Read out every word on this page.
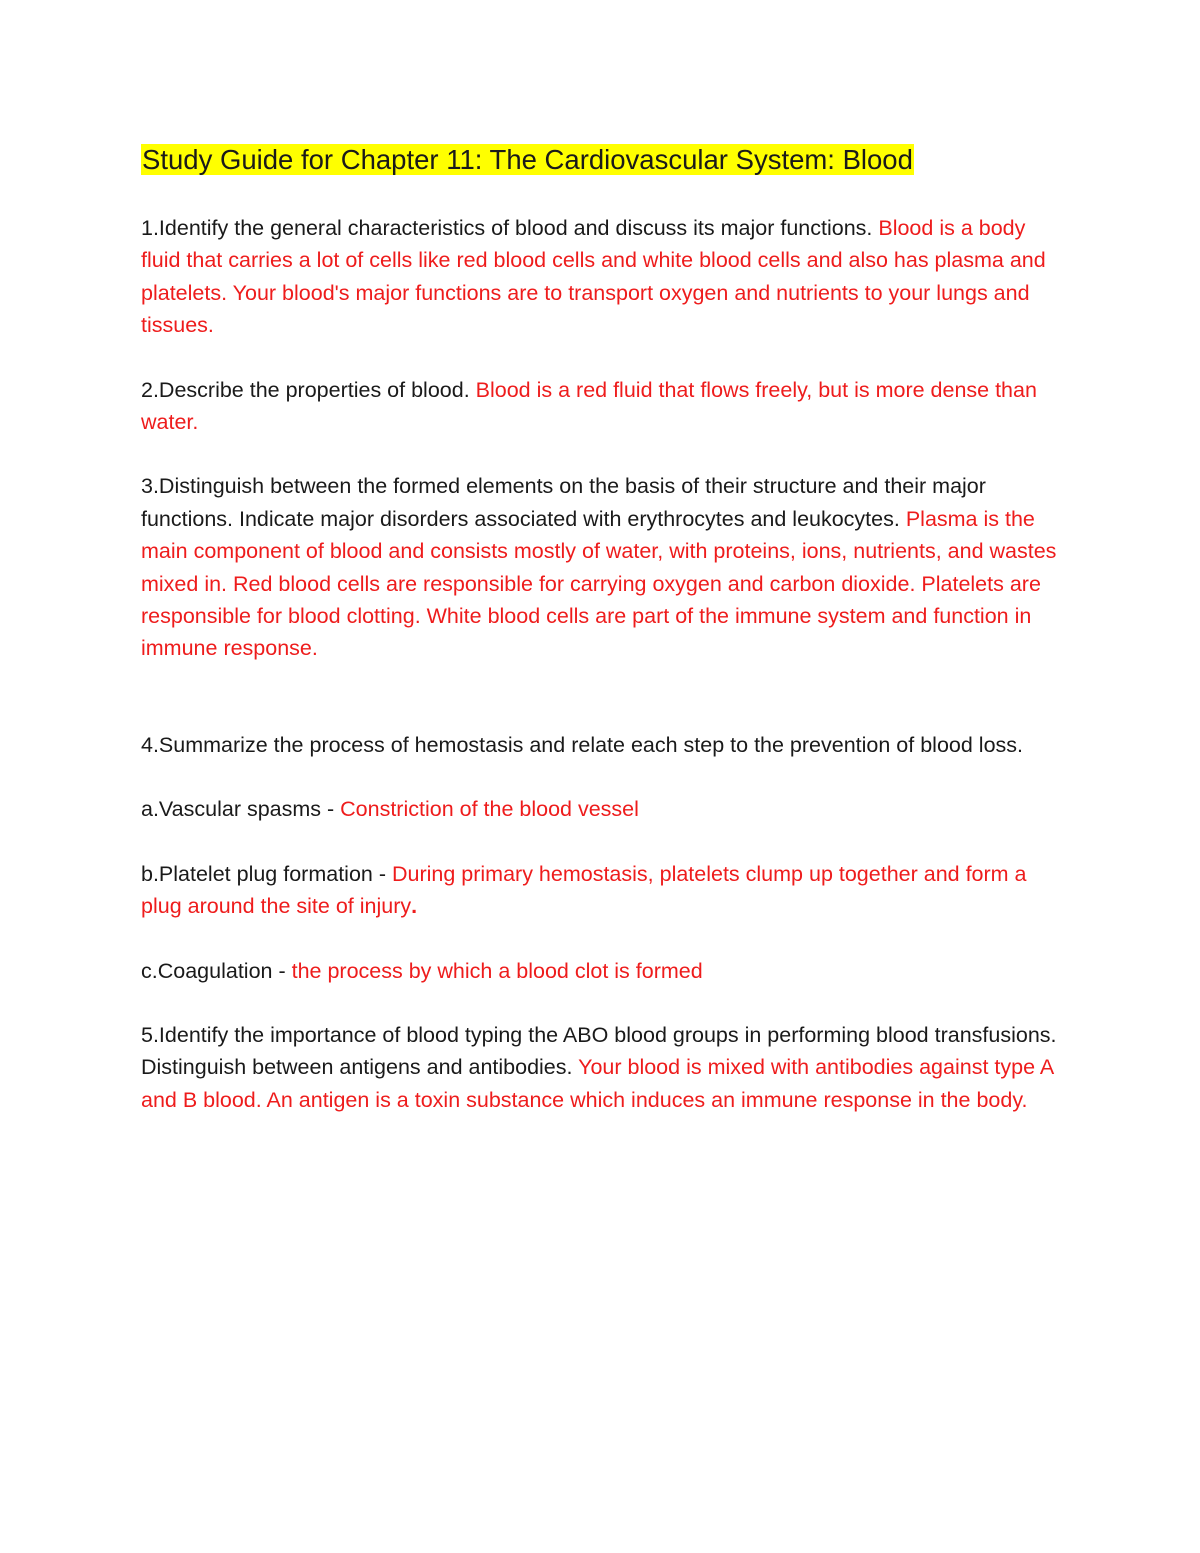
Study Guide for Chapter 11: The Cardiovascular System: Blood

1.Identify the general characteristics of blood and discuss its major functions. Blood is a body fluid that carries a lot of cells like red blood cells and white blood cells and also has plasma and platelets. Your blood's major functions are to transport oxygen and nutrients to your lungs and tissues.

2.Describe the properties of blood. Blood is a red fluid that flows freely, but is more dense than water.

3.Distinguish between the formed elements on the basis of their structure and their major functions. Indicate major disorders associated with erythrocytes and leukocytes. Plasma is the main component of blood and consists mostly of water, with proteins, ions, nutrients, and wastes mixed in. Red blood cells are responsible for carrying oxygen and carbon dioxide. Platelets are responsible for blood clotting. White blood cells are part of the immune system and function in immune response.

4.Summarize the process of hemostasis and relate each step to the prevention of blood loss.

a.Vascular spasms - Constriction of the blood vessel

b.Platelet plug formation - During primary hemostasis, platelets clump up together and form a plug around the site of injury.

c.Coagulation - the process by which a blood clot is formed

5.Identify the importance of blood typing the ABO blood groups in performing blood transfusions. Distinguish between antigens and antibodies. Your blood is mixed with antibodies against type A and B blood. An antigen is a toxin substance which induces an immune response in the body.
